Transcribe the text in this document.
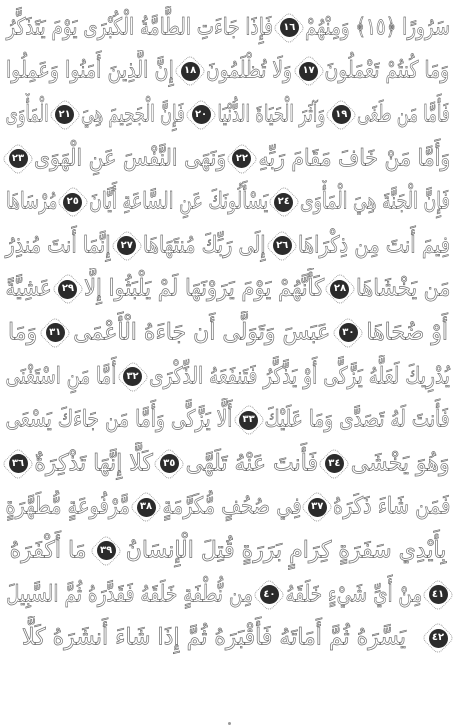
سَرُورًا ﴿١٥﴾ وَمِنْهُمْ
١٦
فَإِذَا جَاءَتِ الطَّامَّةُ الْكُبْرَى يَوْمَ يَتَذَكَّرُ
وَمَا كُنتُمْ تَعْمَلُونَ
١٧
وَلَا تُظْلَمُونَ
١٨
إِنَّ الَّذِينَ أَمَنُوا وَعَمِلُوا
فَأَمَّا مَن طَغَى
١٩
وَآثَرَ الْحَيَاةَ الدُّنْيَا
٢٠
فَإِنَّ الْجَحِيمَ هِيَ
٢١
الْمَأْوَى
وَأَمَّا مَنْ خَافَ مَقَامَ رَبِّهِ
٢٢
وَنَهَى النَّفْسَ عَنِ الْهَوَى
٢٣
فَإِنَّ الْجَنَّةَ هِيَ الْمَأْوَى
٢٤
يَسْأَلُونَكَ عَنِ السَّاعَةِ أَيَّانَ
٢٥
مُرْسَاهَا
فِيمَ أَنتَ مِن ذِكْرَاهَا
٢٦
إِلَى رَبِّكَ مُنتَهَاهَا
٢٧
إِنَّمَا أَنتَ مُنذِرُ
مَن يَخْشَاهَا
٢٨
كَأَنَّهُمْ يَوْمَ يَرَوْنَهَا لَمْ يَلْبَثُوا إِلَّا
٢٩
عَشِيَّةً
أَوْ ضُحَاهَا
٣٠
عَبَسَ وَتَوَلَّى أَن جَاءَهُ الْأَعْمَى
٣١
وَمَا
يُدْرِيكَ لَعَلَّهُ يَزَّكَّى أَوْ يَذَّكَّرُ فَتَنفَعَهُ الذِّكْرَى
٣٢
أَمَّا مَنِ اسْتَغْنَى
فَأَنتَ لَهُ تَصَدَّى وَمَا عَلَيْكَ
٣٣
أَلَّا يَزَّكَّى وَأَمَّا مَن جَاءَكَ يَسْعَى
وَهُوَ يَخْشَى
٣٤
فَأَنتَ عَنْهُ تَلَهَّى
٣٥
كَلَّا إِنَّهَا تَذْكِرَةٌ
٣٦
فَمَن شَاءَ ذَكَرَهُ
٣٧
فِي صُحُفٍ مُّكَرَّمَةٍ
٣٨
مَّرْفُوعَةٍ مُّطَهَّرَةٍ
بِأَيْدِي سَفَرَةٍ كِرَامٍ بَرَرَةٍ قُتِلَ الْإِنسَانُ
٣٩
مَا أَكْفَرَهُ
٤١
مِنْ أَيِّ شَيْءٍ خَلَقَهُ
٤٠
مِن نُّطْفَةٍ خَلَقَهُ فَقَدَّرَهُ ثُمَّ السَّبِيلَ
٤٢
يَسَّرَهُ ثُمَّ أَمَاتَهُ فَأَقْبَرَهُ ثُمَّ إِذَا شَاءَ أَنشَرَهُ كَلَّا
